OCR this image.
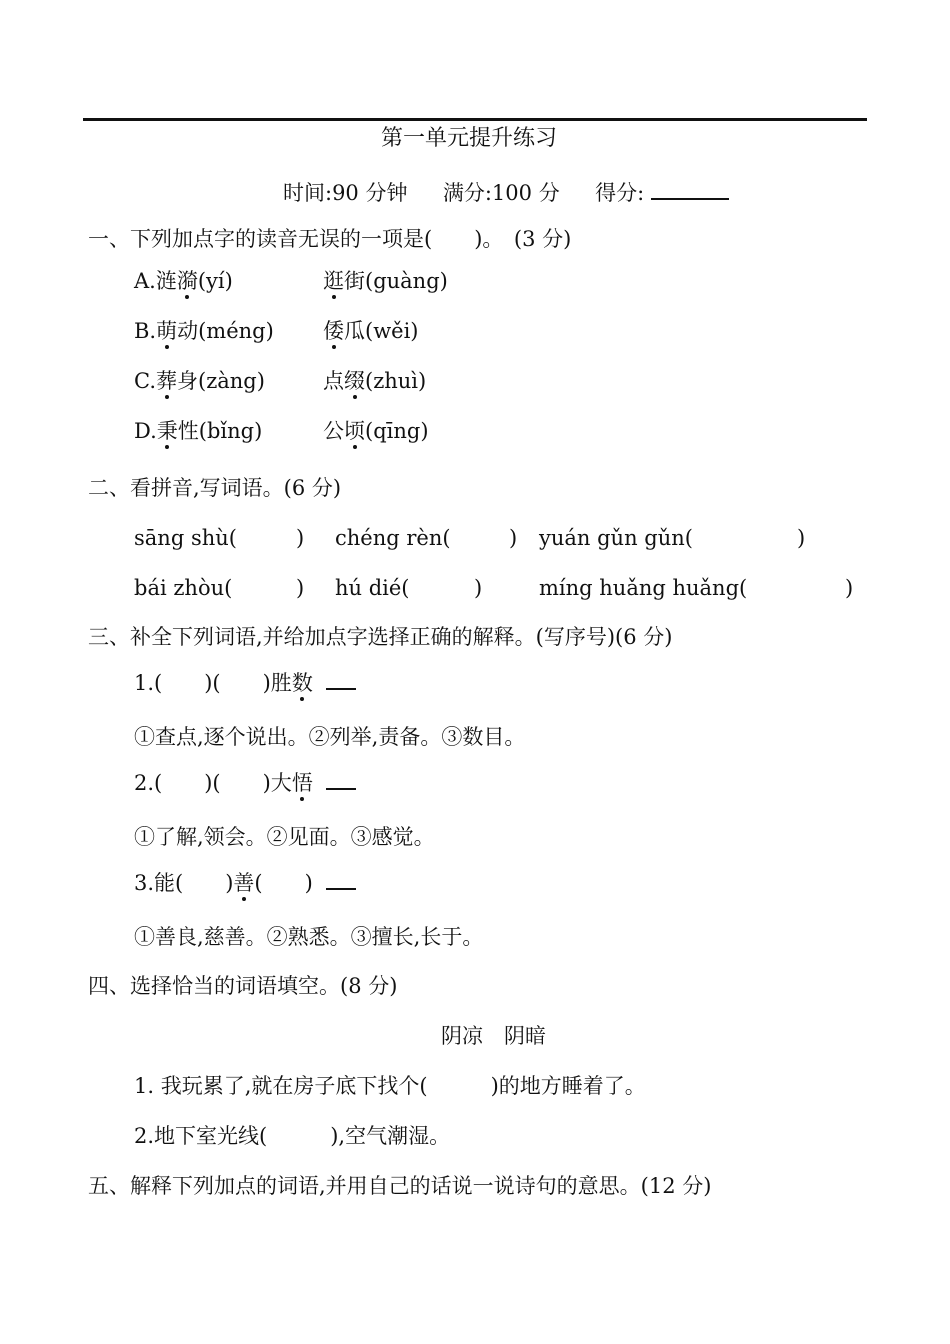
第一单元提升练习
时间:90 分钟 满分:100 分 得分:
一、下列加点字的读音无误的一项是(　　)。　(3 分)
A.涟漪(yí)	逛街(guàng)
B.萌动(méng) 倭瓜(wěi)
C.葬身(zàng)	点缀(zhuì)
D.秉性(bǐng)	公顷(qīng)
二、看拼音,写词语。(6 分)
sāng shù(	) chéng rèn(	) yuán gǔn gǔn(	)
bái zhòu(	) hú dié(	)	míng huǎng huǎng(	)
三、补全下列词语,并给加点字选择正确的解释。(写序号)(6 分)
1.(　　)(　　)胜数
①查点,逐个说出。②列举,责备。③数目。
2.(　　)(　　)大悟
①了解,领会。②见面。③感觉。
3.能(　　)善(　　)
①善良,慈善。②熟悉。③擅长,长于。
四、选择恰当的词语填空。(8 分)
阴凉　阴暗
1. 我玩累了,就在房子底下找个(　　　)的地方睡着了。
2.地下室光线(　　　),空气潮湿。
五、解释下列加点的词语,并用自己的话说一说诗句的意思。(12 分)
